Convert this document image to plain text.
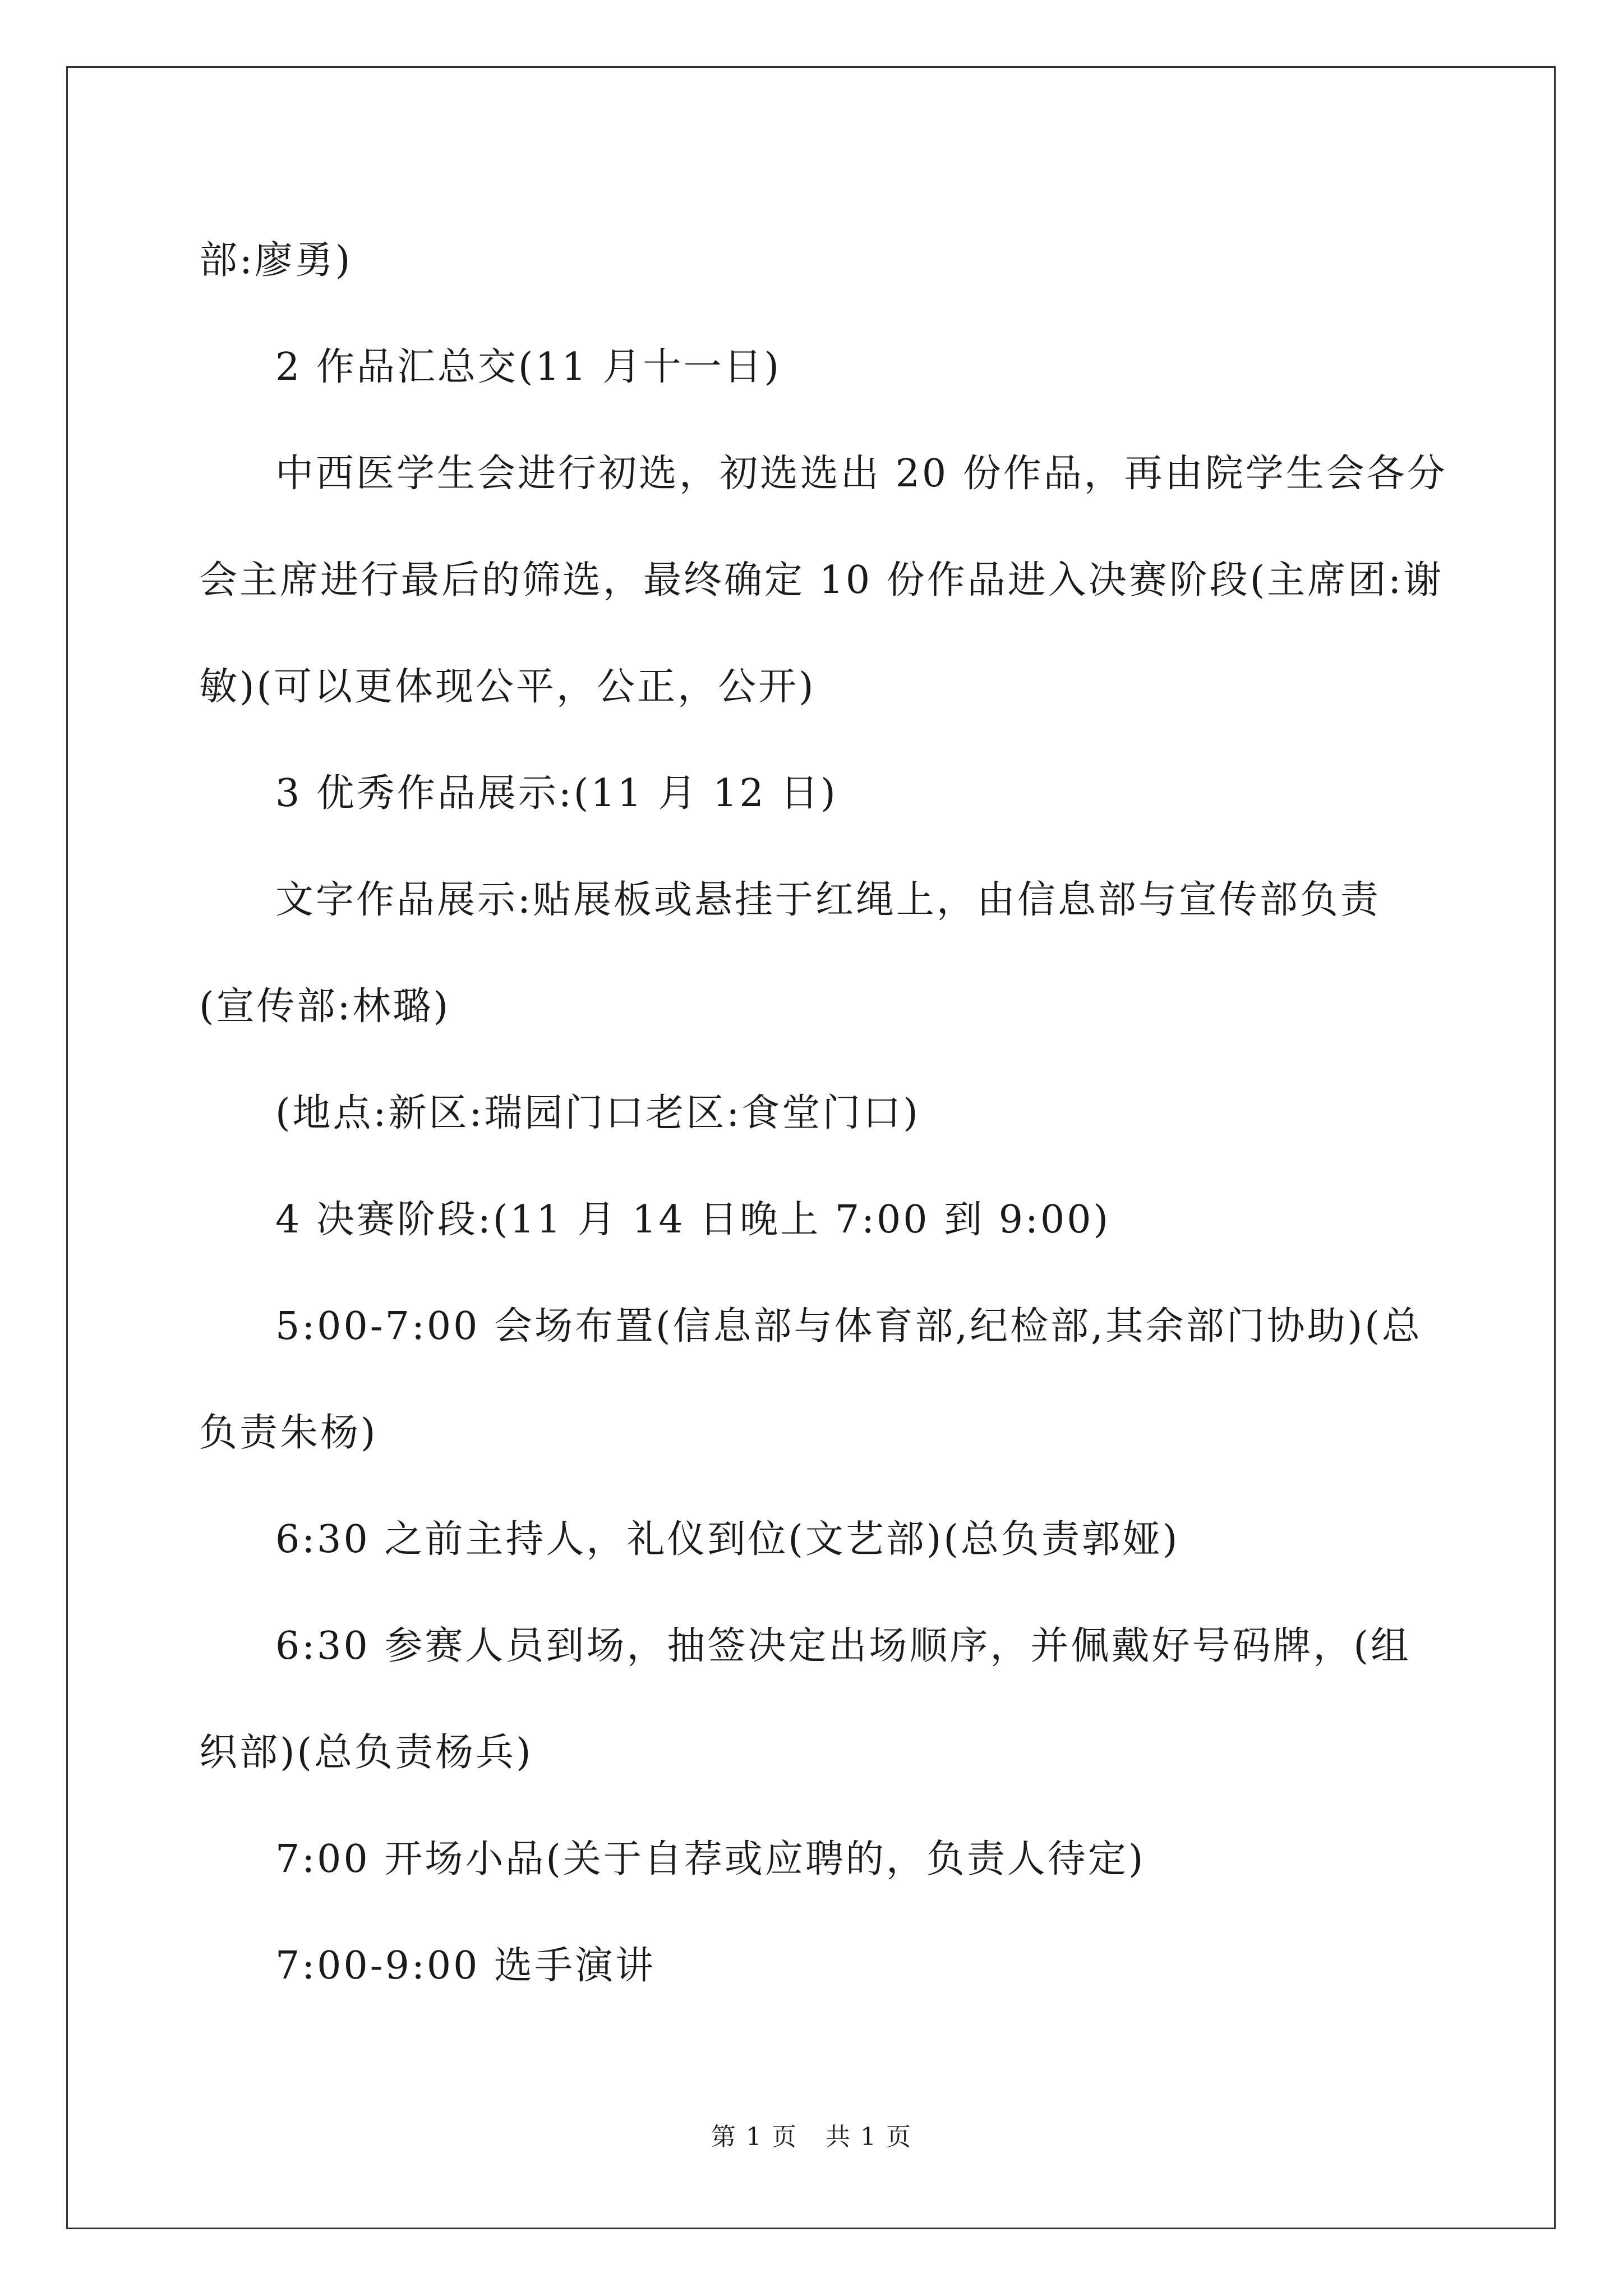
部:廖勇)
2 作品汇总交(11 月十一日)
中西医学生会进行初选，初选选出 20 份作品，再由院学生会各分
会主席进行最后的筛选，最终确定 10 份作品进入决赛阶段(主席团:谢
敏)(可以更体现公平，公正，公开)
3 优秀作品展示:(11 月 12 日)
文字作品展示:贴展板或悬挂于红绳上，由信息部与宣传部负责
(宣传部:林璐)
(地点:新区:瑞园门口老区:食堂门口)
4 决赛阶段:(11 月 14 日晚上 7:00 到 9:00)
5:00-7:00 会场布置(信息部与体育部,纪检部,其余部门协助)(总
负责朱杨)
6:30 之前主持人，礼仪到位(文艺部)(总负责郭娅)
6:30 参赛人员到场，抽签决定出场顺序，并佩戴好号码牌，(组
织部)(总负责杨兵)
7:00 开场小品(关于自荐或应聘的，负责人待定)
7:00-9:00 选手演讲
第 1 页 共 1 页
